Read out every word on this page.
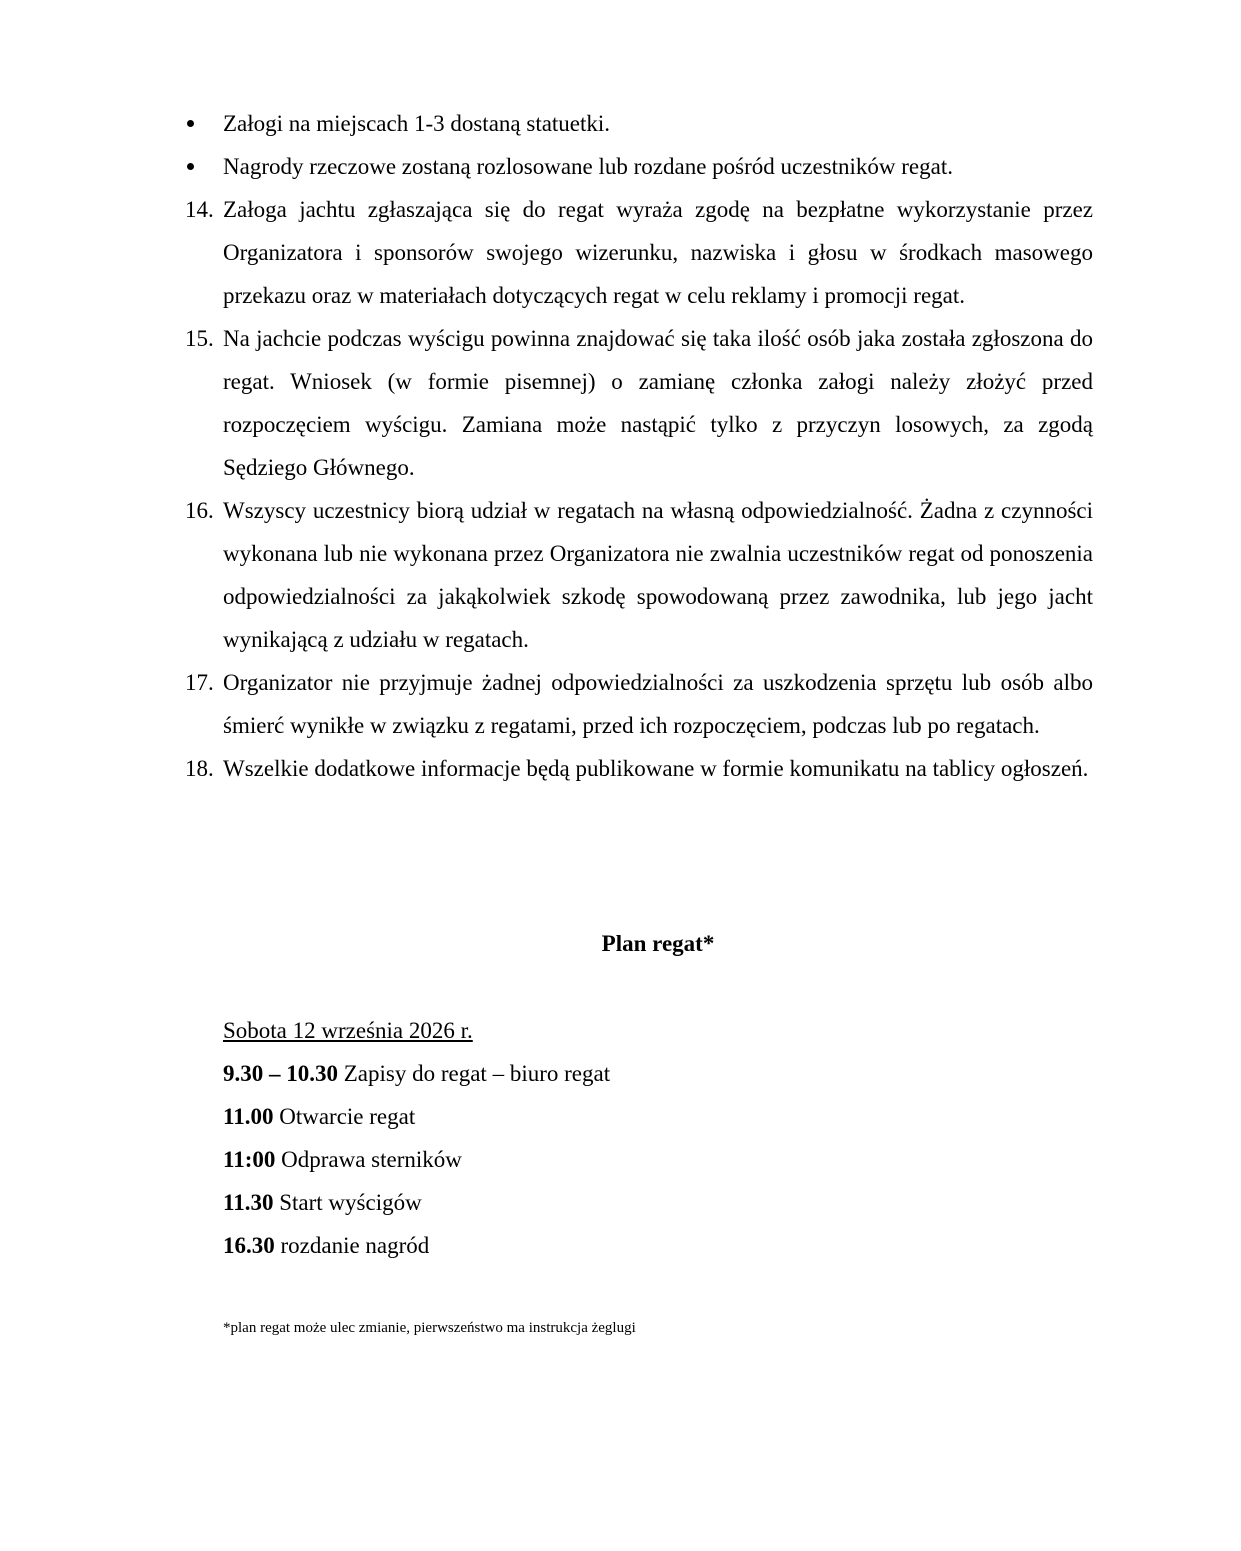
Załogi na miejscach 1-3 dostaną statuetki.
Nagrody rzeczowe zostaną rozlosowane lub rozdane pośród uczestników regat.
14. Załoga jachtu zgłaszająca się do regat wyraża zgodę na bezpłatne wykorzystanie przez Organizatora i sponsorów swojego wizerunku, nazwiska i głosu w środkach masowego przekazu oraz w materiałach dotyczących regat w celu reklamy i promocji regat.
15. Na jachcie podczas wyścigu powinna znajdować się taka ilość osób jaka została zgłoszona do regat. Wniosek (w formie pisemnej) o zamianę członka załogi należy złożyć przed rozpoczęciem wyścigu. Zamiana może nastąpić tylko z przyczyn losowych, za zgodą Sędziego Głównego.
16. Wszyscy uczestnicy biorą udział w regatach na własną odpowiedzialność. Żadna z czynności wykonana lub nie wykonana przez Organizatora nie zwalnia uczestników regat od ponoszenia odpowiedzialności za jakąkolwiek szkodę spowodowaną przez zawodnika, lub jego jacht wynikającą z udziału w regatach.
17. Organizator nie przyjmuje żadnej odpowiedzialności za uszkodzenia sprzętu lub osób albo śmierć wynikłe w związku z regatami, przed ich rozpoczęciem, podczas lub po regatach.
18. Wszelkie dodatkowe informacje będą publikowane w formie komunikatu na tablicy ogłoszeń.
Plan regat*
Sobota 12 września 2026 r.
9.30 – 10.30 Zapisy do regat – biuro regat
11.00 Otwarcie regat
11:00 Odprawa sterników
11.30 Start wyścigów
16.30 rozdanie nagród
*plan regat może ulec zmianie, pierwszeństwo ma instrukcja żeglugi
